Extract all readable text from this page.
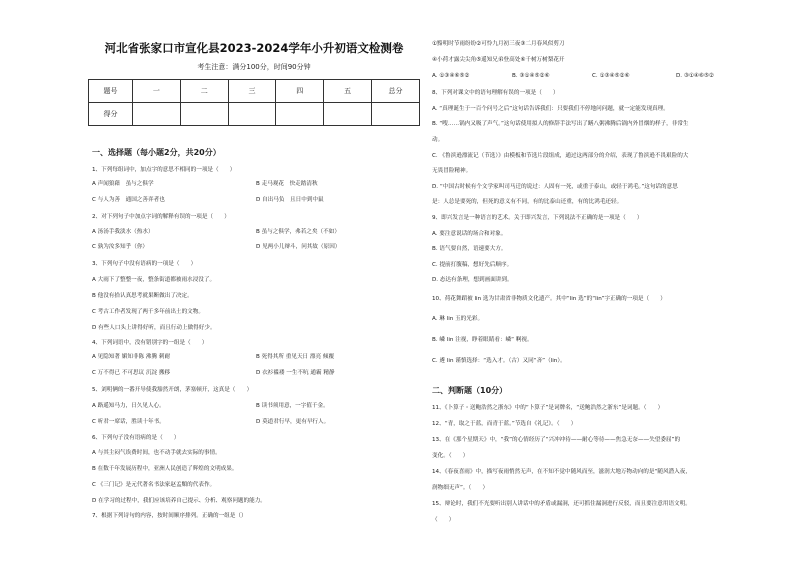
河北省张家口市宣化县2023-2024学年小升初语文检测卷
考生注意：满分100分，时间90分钟
题号	一	二	三	四	五	总分
得分						
一、选择题（每小题2分，共20分）
1、下列每组词中，加点字的意思不相同的一项是（　　）
A 声闻狼藉　虽与之俱学	B 走马观花　快走踏清秋
C 与人为善　通国之善弈者也	D 自出马负　且日中到中鼠
2、对下列句子中加点字词的解释有误的一项是（　　）
A 汤汤手我淡水（热水）	B 虽与之俱学，弗若之矣（不如）
C 孰为汝多知乎（你）	D 见两小儿辩斗，问其故（原因）
3、下列句子中没有语病的一项是（　　）
A 大雨下了整整一夜，整条街道都被雨水浸没了。
B 他没有拾认真思考就果断做出了决定。
C 考古工作者发现了两千多年前出土的文物。
D 有些人口头上讲得好听，而且行动上做得好少。
4、下列词语中，没有错别字的一组是（　　）
A 见隐知著 媚知非陈 沸腾 刺耐	B 死得其所 重见天日 漂亮 倾覆
C 万不得已 不可思议 沉淀 搬移	D 衣衫褴褛 一生不吭 通霸 精静
5、刘明俩的一番开导使我豁然开朗，茅塞顿开，这真是（　　）
A 路遥知马力，日久见人心。	B 读书须用意，一字值千金。
C 听君一席话，胜读十年书。	D 莫道君行早，更有早行人。
6、下列句子没有语病的是（　　）
A 与其主闷气诶费时间，也不动手就去实际的事情。
B 在数千年发展历程中，亚洲人民创造了辉煌的文明成果。
C 《三门记》是元代著名书法家赵孟頫的代表作。
D 在学习的过程中，我们应该培养自己提示、分析、观察问题的能力。
7、根据下列诗句的内容，按时间顺序排列。正确的一组是（）
①黯明时节雨纷纷②可怜九月初三夜③二月春风似剪刀
④小荷才露尖尖角⑤遥知兄弟登高处⑥千树万树梨花开
A. ①③④⑥⑤②	B. ③①④⑤②⑥	C. ①③④⑤②⑥	D. ③①④⑥⑤②
8、下列对课文中的语句理解有误的一项是（　　）
A. “真理诞生于一百个问号之后”这句话告诉我们：只要我们不停地问问题，就一定能发现真理。
B. “嗖……锅内又吸了声气。”这句话使用拟人的修辞手法写出了鳝八粥沸腾后锅内外冒烟的样子，非常生
动。
C. 《鲁滨逊漂流记（节选）》由模板和节选片段组成，通过这两部分的介绍，表现了鲁滨逊不畏艰险的大
无畏冒险精神。
D. “中国古时候有个文学家叫司马迁的说过：人固有一死，或重于泰山，或轻于鸿毛。”这句话的意思
是：人总是要死的，但死的意义有不同，有的比泰山还重，有的比鸿毛还轻。
9、即兴发言是一种语言的艺术。关于即兴发言，下列说法不正确的是一项是（　　）
A. 要注意说话的场合和对象。
B. 语气要自然，语速要大方。
C. 提前打腹稿，想好先后顺序。
D. 态达有条理，想到画面讲到。
10、荷花舞蹈被 lin 选为甘肃省非物质文化遗产。其中“lin 选”的“lin”字正确的一项是（　　）
A. 琳 lin 玉的光彩。
B. 嶙 lin 注视，睁着眼睛看：嶙“ 啊视。
C. 遴 lin 谨慎选择：“选入才。（古）又同“吝”（lin）。
二、判断题（10分）
11、《卜算子・送鲍浩然之浙东》中的“卜算子”是词牌名，“送鲍浩然之浙东”是词题。（　　）
12、“青，取之于蓝，而青于蓝。”节选自《礼记》。（　　）
13、在《那个星期天》中，“我”的心情经历了“兴冲冲待——耐心等待——焦急无奈——失望委屈”的
变化。（　　）
14、《春夜喜雨》中，描写夜雨悄然无声，在不知不觉中随风而至，滋润大地万物动向的是“随风潜入夜，
润物细无声”。（　　）
15、辩论时，我们不光要听出别人讲话中的矛盾或漏洞，还可抓住漏洞进行反驳，而且要注意用语文明。
（　　）
